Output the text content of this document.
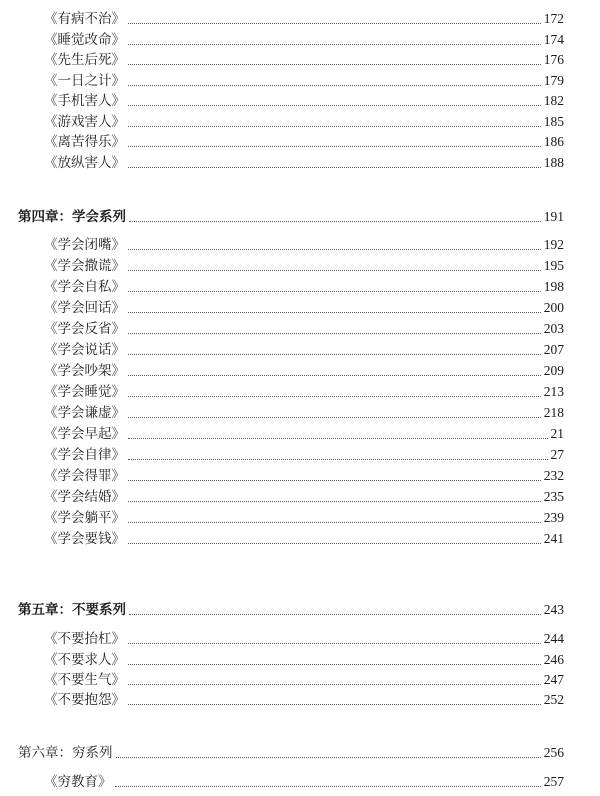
《有病不治》	172
《睡觉改命》	174
《先生后死》	176
《一日之计》	179
《手机害人》	182
《游戏害人》	185
《离苦得乐》	186
《放纵害人》	188
第四章：学会系列	191
《学会闭嘴》	192
《学会撒谎》	195
《学会自私》	198
《学会回话》	200
《学会反省》	203
《学会说话》	207
《学会吵架》	209
《学会睡觉》	213
《学会谦虚》	218
《学会早起》	21
《学会自律》	27
《学会得罪》	232
《学会结婚》	235
《学会躺平》	239
《学会要钱》	241
第五章：不要系列	243
《不要抬杠》	244
《不要求人》	246
《不要生气》	247
《不要抱怨》	252
第六章：穷系列	256
《穷教育》	257
